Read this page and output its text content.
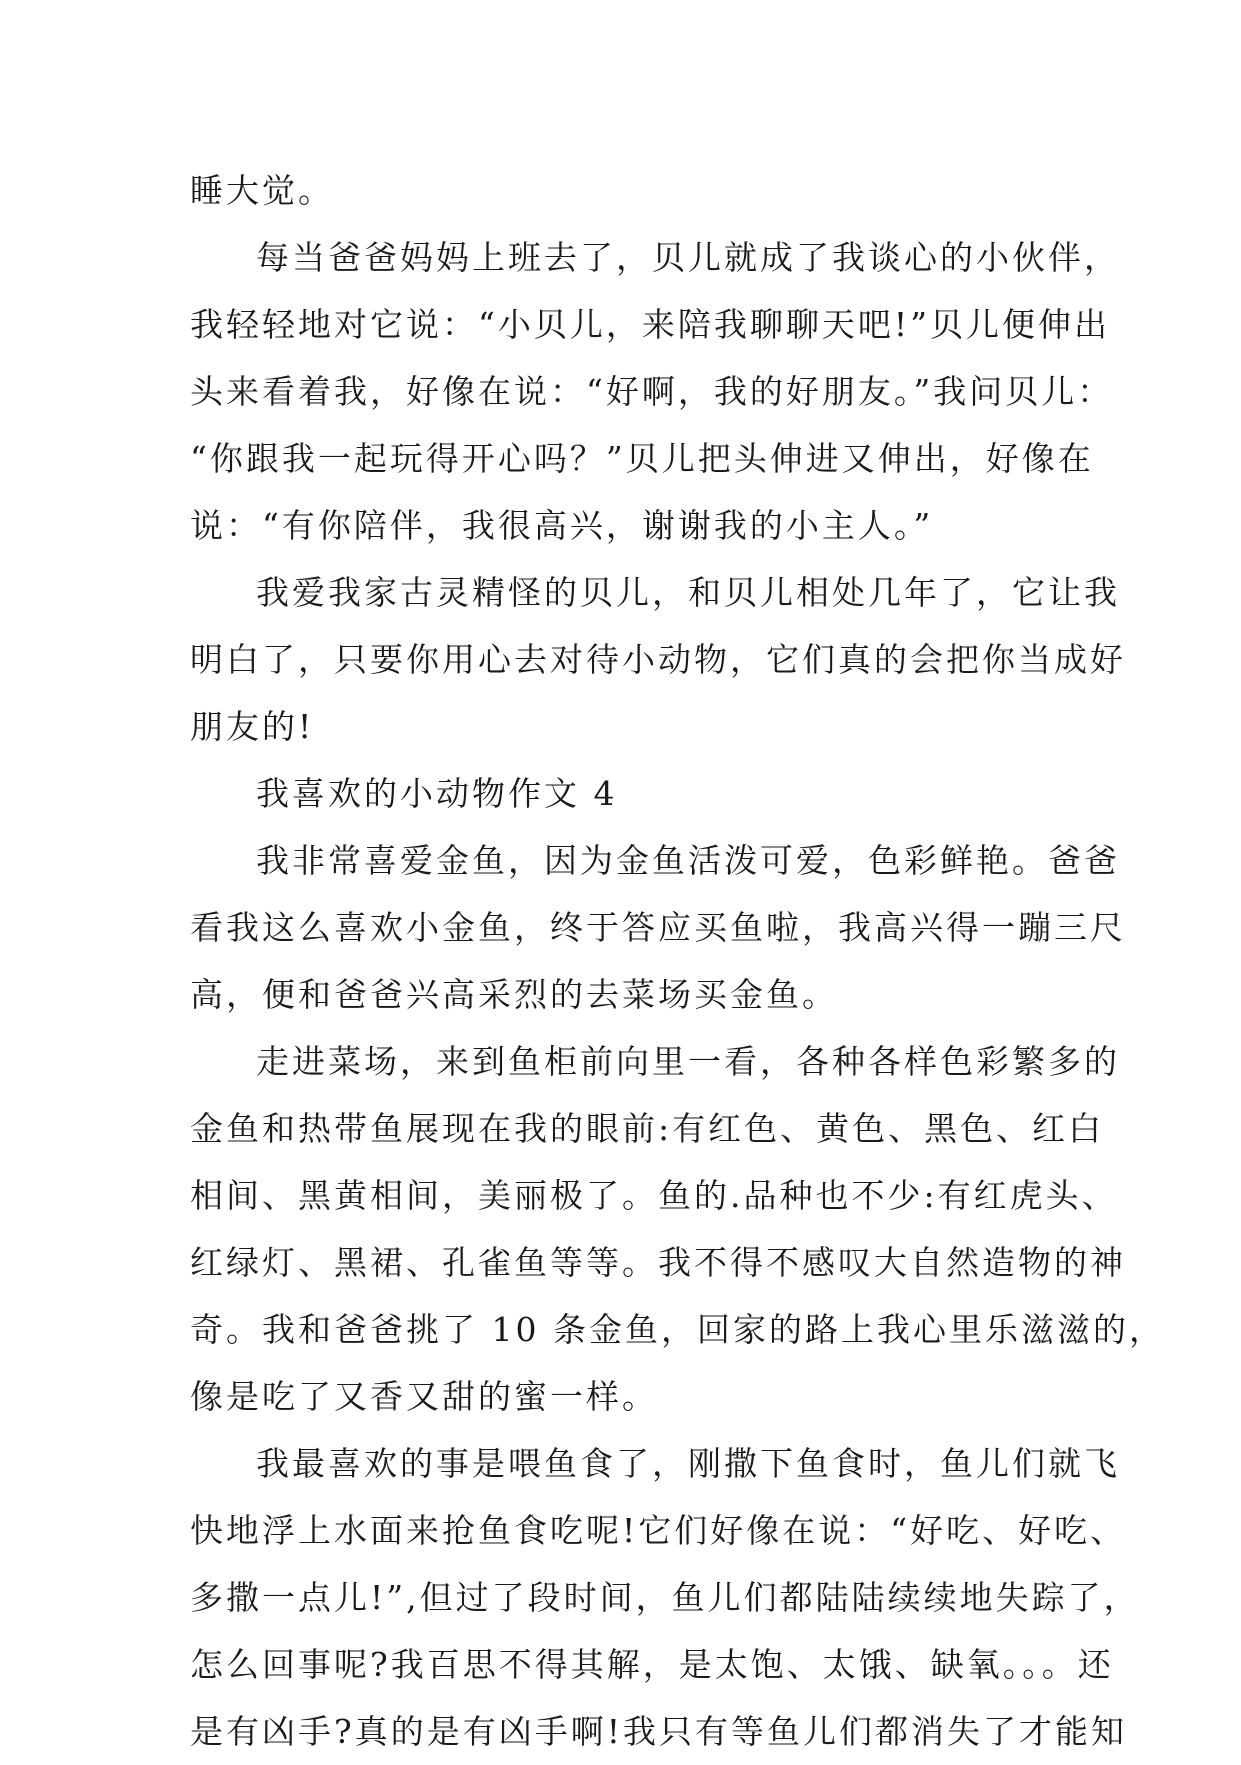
睡大觉。
每当爸爸妈妈上班去了，贝儿就成了我谈心的小伙伴，
我轻轻地对它说：“小贝儿，来陪我聊聊天吧!”贝儿便伸出
头来看着我，好像在说：“好啊，我的好朋友。”我问贝儿：
“你跟我一起玩得开心吗？”贝儿把头伸进又伸出，好像在
说：“有你陪伴，我很高兴，谢谢我的小主人。”
我爱我家古灵精怪的贝儿，和贝儿相处几年了，它让我
明白了，只要你用心去对待小动物，它们真的会把你当成好
朋友的!
我喜欢的小动物作文 4
我非常喜爱金鱼，因为金鱼活泼可爱，色彩鲜艳。爸爸
看我这么喜欢小金鱼，终于答应买鱼啦，我高兴得一蹦三尺
高，便和爸爸兴高采烈的去菜场买金鱼。
走进菜场，来到鱼柜前向里一看，各种各样色彩繁多的
金鱼和热带鱼展现在我的眼前:有红色、黄色、黑色、红白
相间、黑黄相间，美丽极了。鱼的.品种也不少:有红虎头、
红绿灯、黑裙、孔雀鱼等等。我不得不感叹大自然造物的神
奇。我和爸爸挑了 10 条金鱼，回家的路上我心里乐滋滋的，
像是吃了又香又甜的蜜一样。
我最喜欢的事是喂鱼食了，刚撒下鱼食时，鱼儿们就飞
快地浮上水面来抢鱼食吃呢!它们好像在说：“好吃、好吃、
多撒一点儿!”,但过了段时间，鱼儿们都陆陆续续地失踪了，
怎么回事呢?我百思不得其解，是太饱、太饿、缺氧。。。还
是有凶手?真的是有凶手啊!我只有等鱼儿们都消失了才能知
